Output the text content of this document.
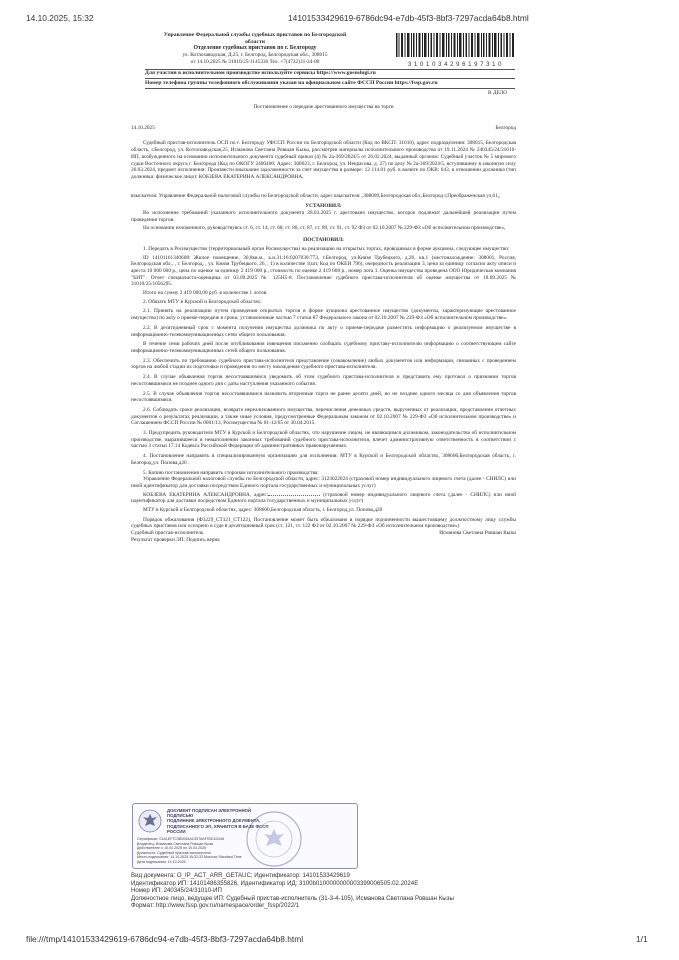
14.10.2025, 15:32	14101533429619-6786dc94-e7db-45f3-8bf3-7297acda64b8.html

Управление Федеральной службы судебных приставов по Белгородской

области

Отделение судебных приставов по г. Белгороду

ул. Котлозаводская, Д.25, г. Белгород, Белгородская обл., 308015

от 14.10.2025 № 31010/25/1145336 Тел. +7(4722)31-24-00

3 1 0 1 0 3 4 2 9 6 1 9 7 3 1 0

Для участия в исполнительном производстве используйте сервисы https://www.gosuslugi.ru

Номер телефона группы телефонного обслуживания указан на официальном сайте ФССП России https://fssp.gov.ru

В ДЕЛО

Постановление о передаче арестованного имущества на торги

14.10.2025	Белгород

Судебный пристав-исполнитель ОСП по г. Белгороду УФССП России по Белгородской области (Код по ВКСП: 31010), адрес подразделения: 308015, Белгородская область, г.Белгород, ул. Котлозаводская,25, Исманова Светлана Ровшан Кызы, рассмотрев материалы исполнительного производства от 19.11.2024 № 240345/24/31010-ИП, возбужденного на основании исполнительного документа судебный приказ (4) № 2а-369/2024/5 от 26.02.2024, выданный органом: Судебный участок № 5 мирового судьи Восточного округа г. Белгорода (Код по ОКОГУ 2400400; Адрес: 308023, г. Белгород, ул. Некрасова, д. 27) по делу № 2а-369/2024/5, вступившему в законную силу 26.03.2024, предмет исполнения: Произвести взыскание задолженности за счет имущества в размере: 12 114.01 руб. в валюте по ОКВ: 643, в отношении должника (тип должника: физическое лицо): КОБЗЕВА ЕКАТЕРИНА АЛЕКСАНДРОВНА,

взыскателя: Управление Федеральной налоговой службы по Белгородской области, адрес взыскателя: ,308009,Белгородская обл.,Белгород г,Преображенская ул,61,,

УСТАНОВИЛ:

Во исполнение требований указанного исполнительного документа 28.03.2025 г. арестовано имущество, которое подлежит дальнейшей реализации путем проведения торгов.

На основании изложенного, руководствуясь ст. 6, ст. 14, ст. 68, ст. 80, ст. 87, ст. 89, ст. 91, ст. 92 ФЗ от 02.10.2007 № 229-ФЗ «Об исполнительном производстве»,

ПОСТАНОВИЛ:

1. Передать в Росимущество (территориальный орган Росимущества) на реализацию на открытых торгах, проводимых в форме аукциона, следующее имущество:

ID 14101161340608: Жилое помещение, 30,8кв.м., к.н.31:16:0207030:773, г.Белгород, ул.Князя Трубецкого, д.26, кв.1 (местонахождение: 308001, Россия, Белгородская обл., , г. Белгород, , ул. Князя Трубецкого, 26, , 1) в количестве 1(шт, Код по ОКЕИ 796), очередность реализации 3, цена за единицу согласно акту описи и ареста 10 000 000 р., цена по оценке за единицу 2 419 000 р., стоимость по оценке 2 419 000 р., номер лота 1. Оценка имущества проведена ООО Юридическая компания "БИТ". Отчет специалиста-оценщика от 03.09.2025 № 125Н5-8. Постановление судебного пристава-исполнителя об оценке имущества от 18.09.2025 № 31010/25/1056295.

Итого на сумму 2 419 000,00 руб. в количестве 1 лотов.

2. Обязать МТУ в Курской и Белгородской областях:

2.1. Принять на реализацию путем проведения открытых торгов в форме аукциона арестованное имущество (документы, характеризующие арестованное имущество) по акту о приеме-передаче в сроки, установленные частью 7 статьи 87 Федерального закона от 02.10.2007 № 229-ФЗ «Об исполнительном производстве».

2.2. В десятидневный срок с момента получения имущества должника по акту о приеме-передаче разместить информацию о реализуемом имуществе в информационно-телекоммуникационных сетях общего пользования.

В течение семи рабочих дней после опубликования извещения письменно сообщать судебному приставу-исполнителю информацию о соответствующем сайте информационно-телекоммуникационных сетей общего пользования.

2.3. Обеспечить по требованию судебного пристава-исполнителя представление (ознакомление) любых документов или информации, связанных с проведением торгов на любой стадии их подготовки и проведения по месту нахождения судебного пристава-исполнителя.

2.4. В случае объявления торгов несостоявшимися уведомить об этом судебного пристава-исполнителя и представить ему протокол о признании торгов несостоявшимися не позднее одного дня с даты наступления указанного события.

2.5. В случае объявления торгов несостоявшимися назначить вторичные торги не ранее десяти дней, но не позднее одного месяца со дня объявления торгов несостоявшимися.

2.6. Соблюдать сроки реализации, возврата нереализованного имущества, перечисления денежных средств, вырученных от реализации, представления отчетных документов о результатах реализации, а также иные условия, предусмотренные Федеральным законом от 02.10.2007 № 229-ФЗ «Об исполнительном производстве» и Соглашением ФССП России № 0001/13, Росимущества № 01-12/65 от 30.04.2015.

3. Предупредить руководителя МТУ в Курской и Белгородской областях, что нарушение лицом, не являющимся должником, законодательства об исполнительном производстве, выразившееся в невыполнении законных требований судебного пристава-исполнителя, влечет административную ответственность в соответствии с частью 3 статьи 17.14 Кодекса Российской Федерации об административных правонарушениях.

4. Постановление направить в специализированную организацию для исполнения: МТУ в Курской и Белгородской областях, 308600,Белгородская область, г. Белгород,ул. Попова,д20 .

5. Копию постановления направить сторонам исполнительного производства:

Управление Федеральной налоговой службы по Белгородской области, адрес: 3123022024 (страховой номер индивидуального лицевого счета (далее - СНИЛС) или иной идентификатор для доставки посредством Единого портала государственных и муниципальных услуг)

КОБЗЕВА ЕКАТЕРИНА АЛЕКСАНДРОВНА, адрес:	(страховой номер индивидуального лицевого счета (далее - СНИЛС) или иной идентификатор для доставки посредством Единого портала государственных и муниципальных услуг)

МТУ в Курской и Белгородской областях, адрес: 308600,Белгородская область, г. Белгород,ул. Попова,д20

Порядок обжалования (Ф3229_СТ121_СТ122), Постановление может быть обжаловано в порядке подчиненности вышестоящему должностному лицу службы судебных приставов или оспорено в суде в десятидневный срок (ст. 121, ст. 122 ФЗ от 02.10.2007 № 229-ФЗ «Об исполнительном производстве»)

Судебный пристав-исполнитель	Исманова Светлана Ровшан Кызы

Результат проверки ЭП: Подпись верна

ДОКУМЕНТ ПОДПИСАН ЭЛЕКТРОННОЙ ПОДПИСЬЮ
ПОДЛИННИК ЭЛЕКТРОННОГО ДОКУМЕНТА,
ПОДПИСАННОГО ЭП, ХРАНИТСЯ В БАЗЕ ФССП РОССИИ
Сертификат: 01A1EF7C3B0054AC3976AF93D1D046
Владелец: Исманова Светлана Ровшан Кызы
Действителен с 10.04.2025 по 10.04.2026
Должность: Судебный пристав-исполнитель
Место подписания: 14.10.2025 15:32:33 Moscow Standard Time
Дата подписания: 14.10.2025
Вид документа: O_IP_ACT_ARR_GETAUC; Идентификатор: 14101533429619
Идентификатор ИП: 14101486355826, Идентификатор ИД: 3100b0100000000003399006505.02.2024Е
Номер ИП: 240345/24/31010-ИП
Должностное лицо, ведущее ИП: Судебный пристав-исполнитель (31-3-4-105), Исманова Светлана Ровшан Кызы
Формат: http://www.fssp.gov.ru/namespace/order_fssp/2022/1
file:///tmp/14101533429619-6786dc94-e7db-45f3-8bf3-7297acda64b8.html	1/1
